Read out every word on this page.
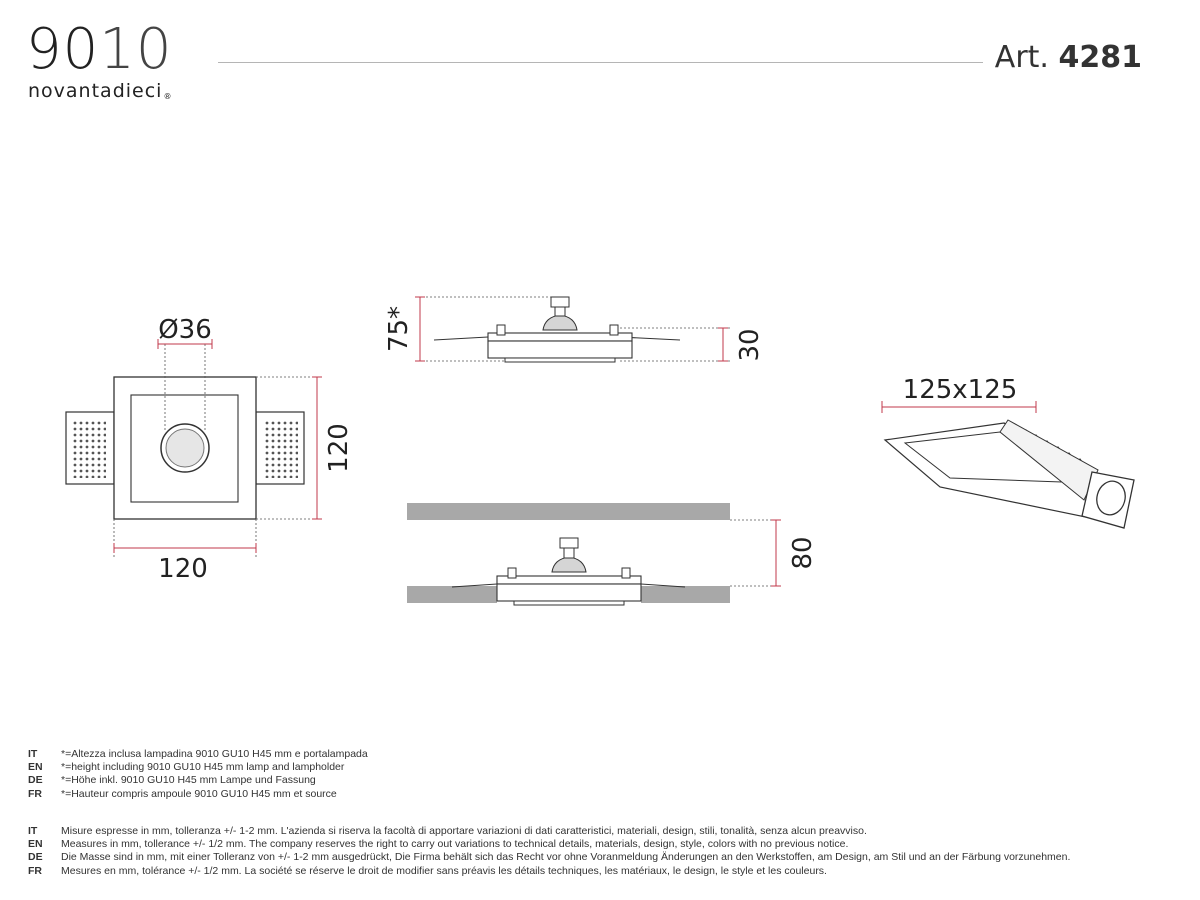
9010
novantadieci®
Art. 4281
Ø36
120
120
75*	30
80
125x125
IT	*=Altezza inclusa lampadina 9010 GU10 H45 mm e portalampada
EN	*=height including 9010 GU10 H45 mm lamp and lampholder
DE	*=Höhe inkl. 9010 GU10 H45 mm Lampe und Fassung
FR	*=Hauteur compris ampoule 9010 GU10 H45 mm et source
IT	Misure espresse in mm, tolleranza +/- 1-2 mm. L'azienda si riserva la facoltà di apportare variazioni di dati caratteristici, materiali, design, stili, tonalità, senza alcun preavviso.
EN	Measures in mm, tollerance +/- 1/2 mm. The company reserves the right to carry out variations to technical details, materials, design, style, colors with no previous notice.
DE	Die Masse sind in mm, mit einer Tolleranz von +/- 1-2 mm ausgedrückt, Die Firma behält sich das Recht vor ohne Voranmeldung Änderungen an den Werkstoffen, am Design, am Stil und an der Färbung vorzunehmen.
FR	Mesures en mm, tolérance +/- 1/2 mm. La société se réserve le droit de modifier sans préavis les détails techniques, les matériaux, le design, le style et les couleurs.
